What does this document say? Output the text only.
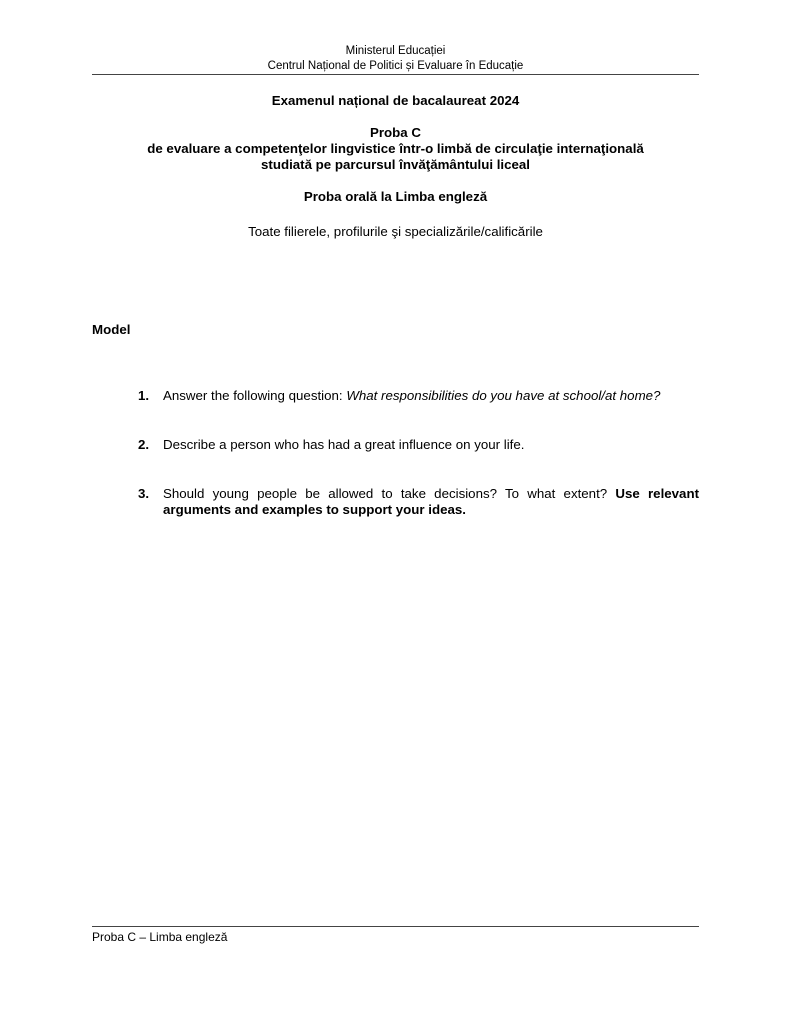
Ministerul Educației
Centrul Național de Politici și Evaluare în Educație
Examenul național de bacalaureat 2024
Proba C
de evaluare a competenţelor lingvistice într-o limbă de circulaţie internaţională
studiată pe parcursul învăţământului liceal
Proba orală la Limba engleză
Toate filierele, profilurile şi specializările/calificările
Model
1. Answer the following question: What responsibilities do you have at school/at home?
2. Describe a person who has had a great influence on your life.
3. Should young people be allowed to take decisions? To what extent? Use relevant arguments and examples to support your ideas.
Proba C – Limba engleză
